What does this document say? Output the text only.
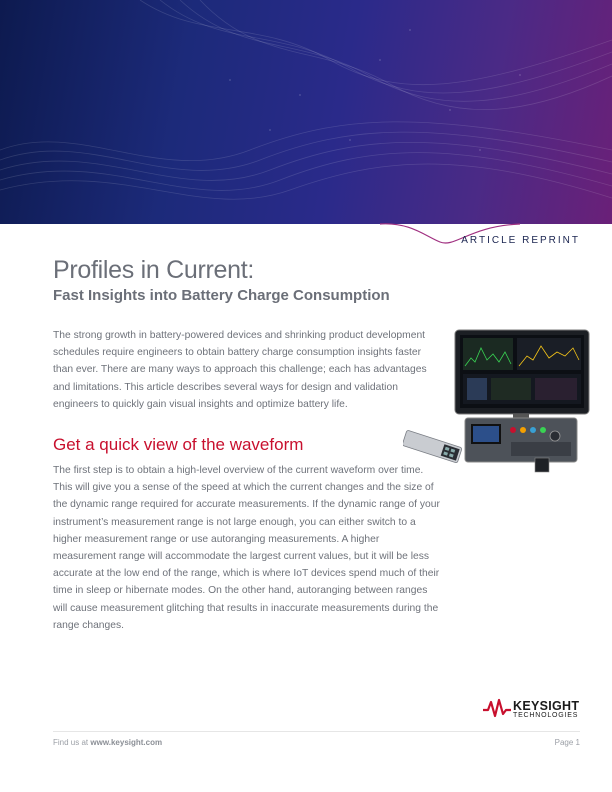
ARTICLE REPRINT
Profiles in Current:
Fast Insights into Battery Charge Consumption

The strong growth in battery-powered devices and shrinking product development schedules require engineers to obtain battery charge consumption insights faster than ever. There are many ways to approach this challenge; each has advantages and limitations. This article describes several ways for design and validation engineers to quickly gain visual insights and optimize battery life.

Get a quick view of the waveform

The first step is to obtain a high-level overview of the current waveform over time. This will give you a sense of the speed at which the current changes and the size of the dynamic range required for accurate measurements. If the dynamic range of your instrument’s measurement range is not large enough, you can either switch to a higher measurement range or use autoranging measurements. A higher measurement range will accommodate the largest current values, but it will be less accurate at the low end of the range, which is where IoT devices spend much of their time in sleep or hibernate modes. On the other hand, autoranging between ranges will cause measurement glitching that results in inaccurate measurements during the range changes.

KEYSIGHT
TECHNOLOGIES
Find us at www.keysight.com	Page 1
